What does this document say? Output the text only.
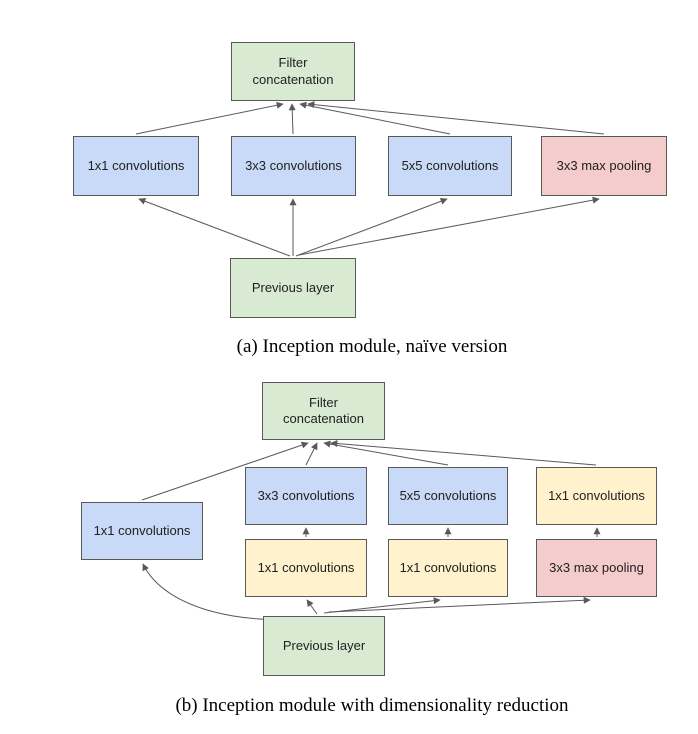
Filter concatenation
1x1 convolutions	3x3 convolutions	5x5 convolutions	3x3 max pooling
Previous layer
(a) Inception module, naïve version
Filter concatenation
1x1 convolutions
3x3 convolutions	5x5 convolutions	1x1 convolutions
1x1 convolutions	1x1 convolutions	3x3 max pooling
Previous layer
(b) Inception module with dimensionality reduction
